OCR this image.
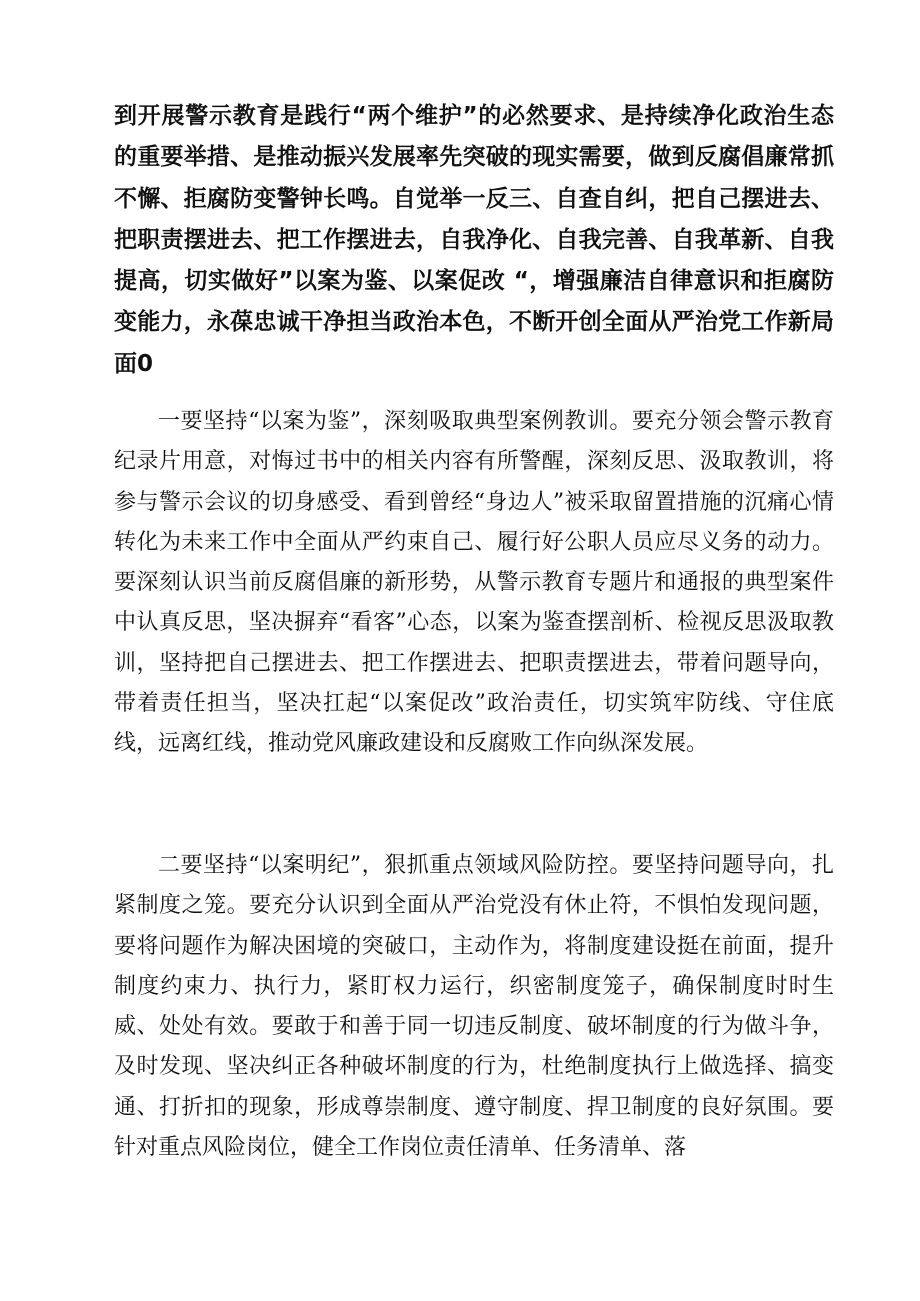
到开展警示教育是践行“两个维护”的必然要求、是持续净化政治生态的重要举措、是推动振兴发展率先突破的现实需要，做到反腐倡廉常抓不懈、拒腐防变警钟长鸣。自觉举一反三、自查自纠，把自己摆进去、把职责摆进去、把工作摆进去，自我净化、自我完善、自我革新、自我提高，切实做好”以案为鉴、以案促改 “，增强廉洁自律意识和拒腐防变能力，永葆忠诚干净担当政治本色，不断开创全面从严治党工作新局面0

一要坚持“以案为鉴”，深刻吸取典型案例教训。要充分领会警示教育纪录片用意，对悔过书中的相关内容有所警醒，深刻反思、汲取教训，将参与警示会议的切身感受、看到曾经“身边人”被采取留置措施的沉痛心情转化为未来工作中全面从严约束自己、履行好公职人员应尽义务的动力。要深刻认识当前反腐倡廉的新形势，从警示教育专题片和通报的典型案件中认真反思，坚决摒弃“看客”心态，以案为鉴查摆剖析、检视反思汲取教训，坚持把自己摆进去、把工作摆进去、把职责摆进去，带着问题导向，带着责任担当，坚决扛起“以案促改”政治责任，切实筑牢防线、守住底线，远离红线，推动党风廉政建设和反腐败工作向纵深发展。

二要坚持“以案明纪”，狠抓重点领域风险防控。要坚持问题导向，扎紧制度之笼。要充分认识到全面从严治党没有休止符，不惧怕发现问题，要将问题作为解决困境的突破口，主动作为，将制度建设挺在前面，提升制度约束力、执行力，紧盯权力运行，织密制度笼子，确保制度时时生威、处处有效。要敢于和善于同一切违反制度、破坏制度的行为做斗争，及时发现、坚决纠正各种破坏制度的行为，杜绝制度执行上做选择、搞变通、打折扣的现象，形成尊崇制度、遵守制度、捍卫制度的良好氛围。要针对重点风险岗位，健全工作岗位责任清单、任务清单、落
